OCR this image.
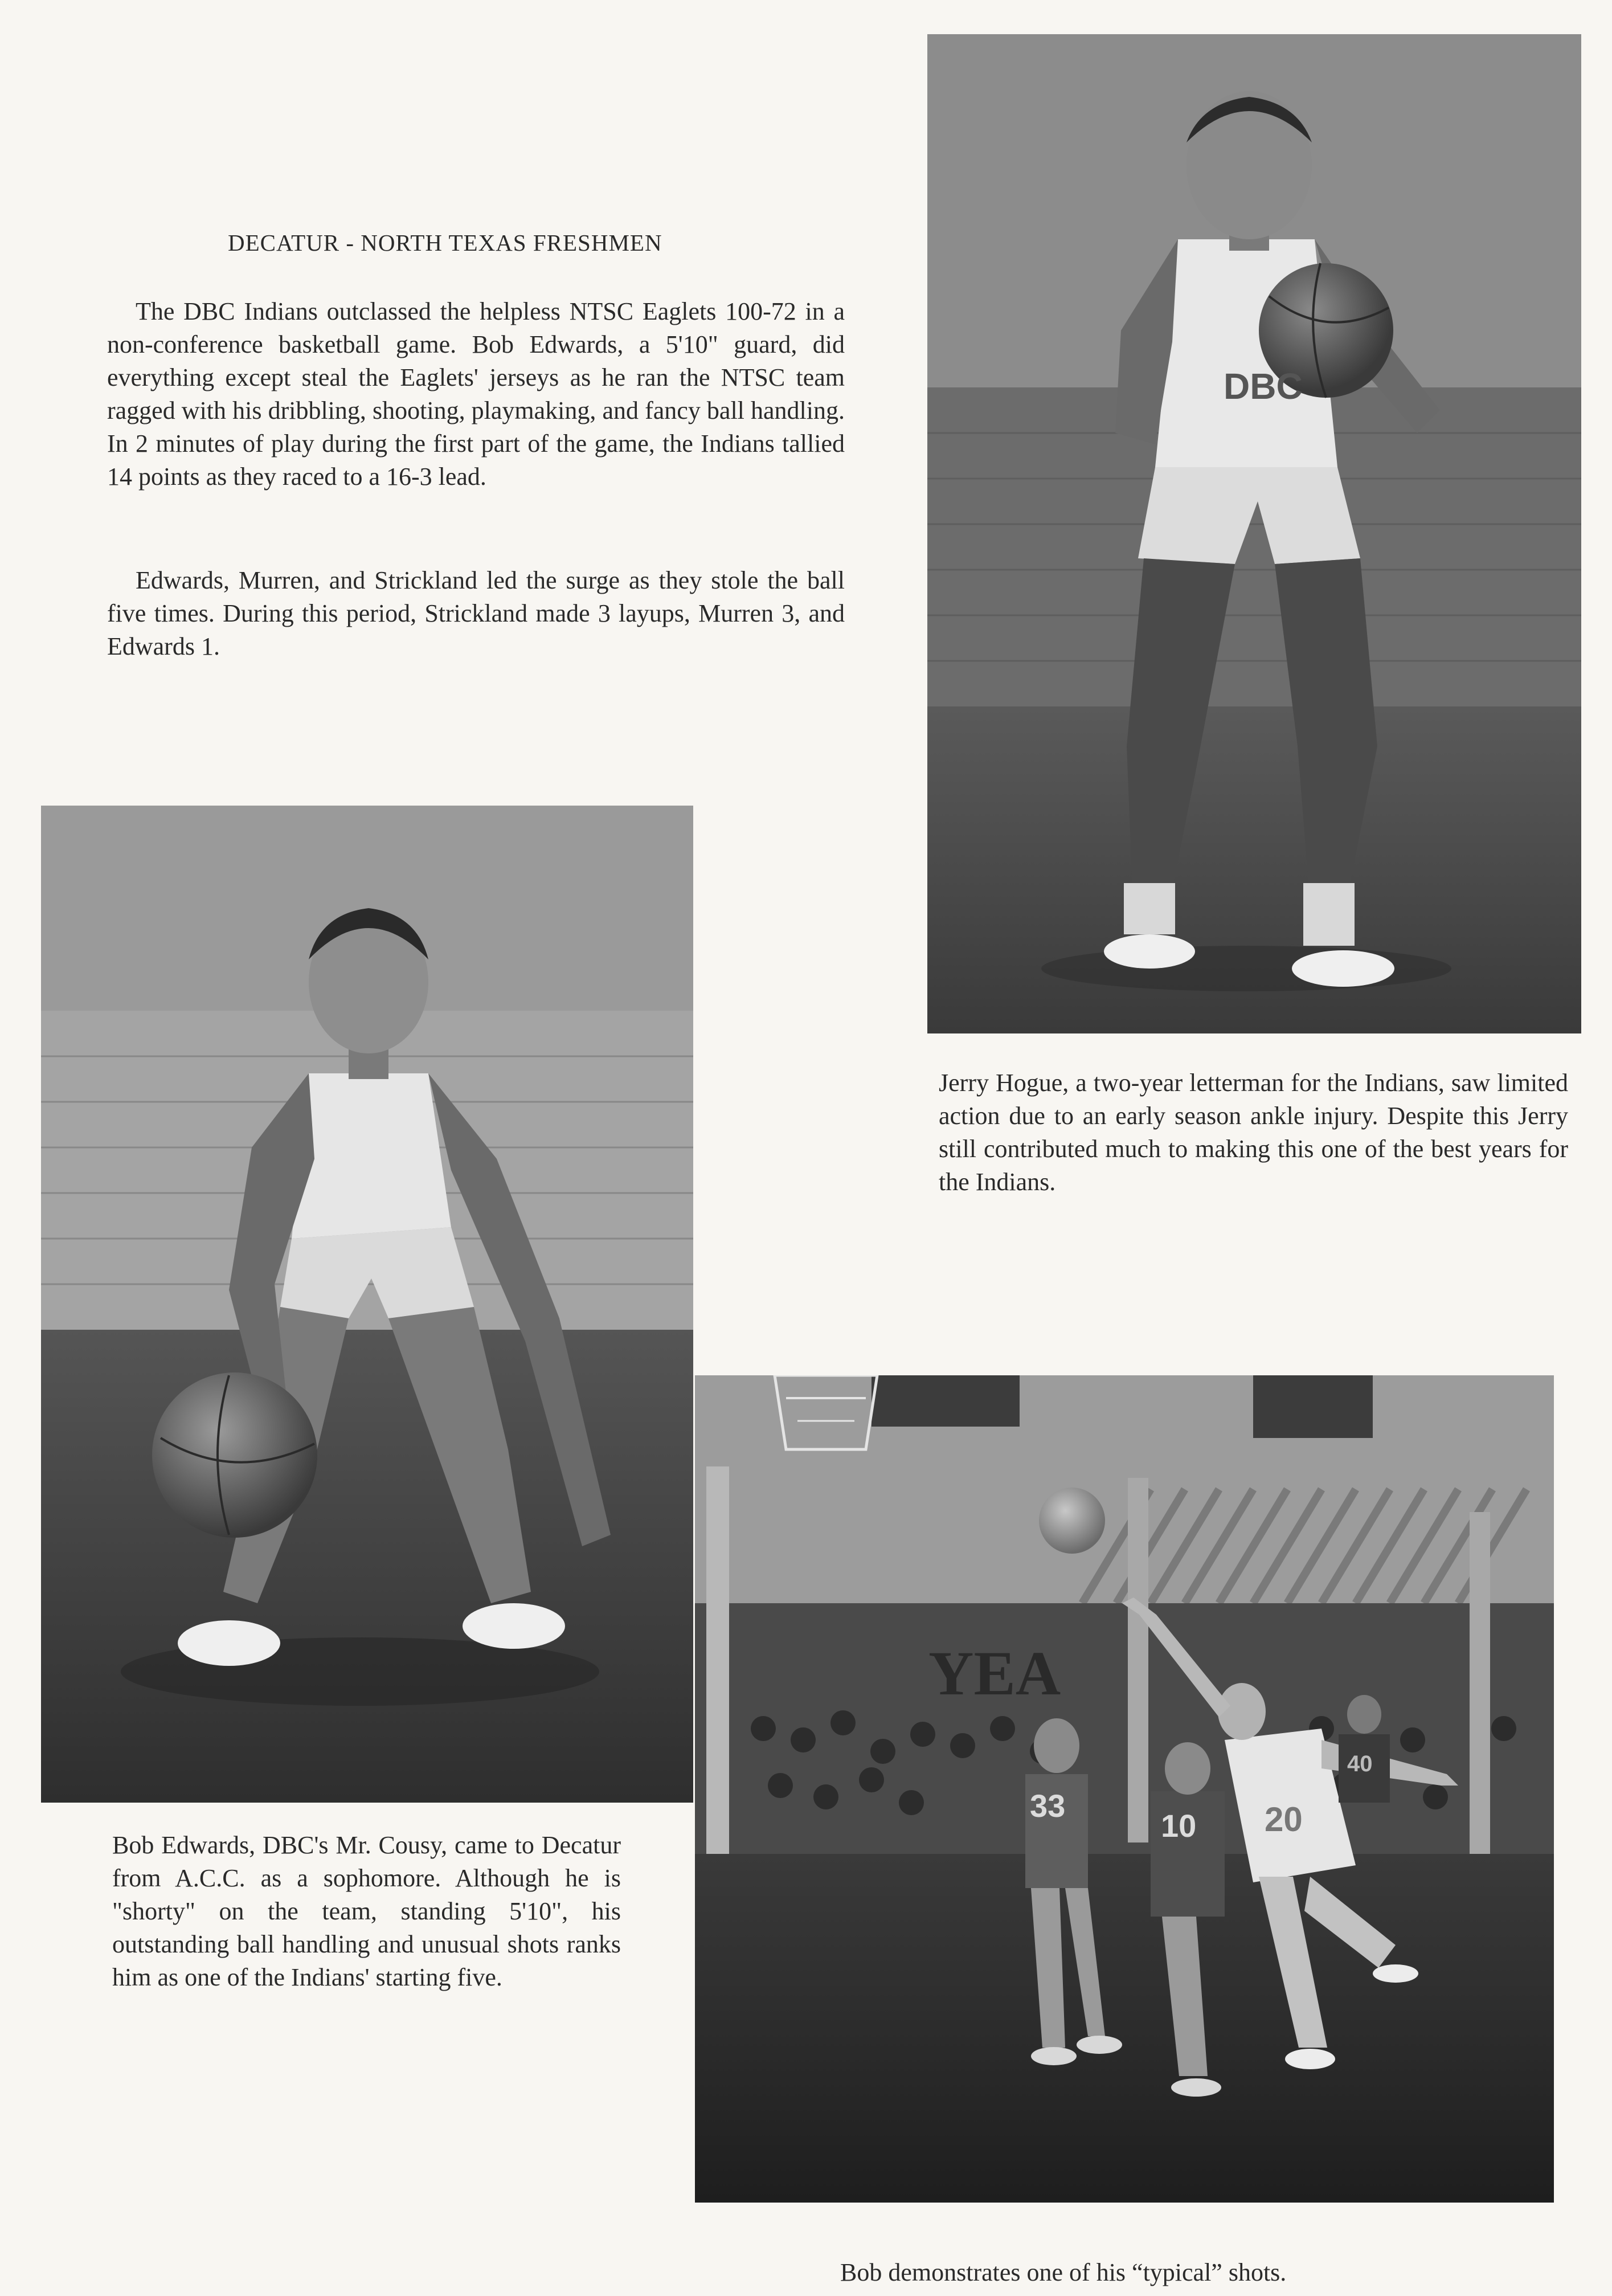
DECATUR - NORTH TEXAS FRESHMEN

The DBC Indians outclassed the helpless NTSC Eaglets 100-72 in a non-conference basketball game. Bob Edwards, a 5'10" guard, did everything except steal the Eaglets' jerseys as he ran the NTSC team ragged with his dribbling, shooting, playmaking, and fancy ball handling. In 2 minutes of play during the first part of the game, the Indians tallied 14 points as they raced to a 16-3 lead.

Edwards, Murren, and Strickland led the surge as they stole the ball five times. During this period, Strickland made 3 layups, Murren 3, and Edwards 1.

DBC

Jerry Hogue, a two-year letterman for the Indians, saw limited action due to an early season ankle injury. Despite this Jerry still contributed much to making this one of the best years for the Indians.

Bob Edwards, DBC's Mr. Cousy, came to Decatur from A.C.C. as a sophomore. Although he is "shorty" on the team, standing 5'10", his outstanding ball handling and unusual shots ranks him as one of the Indians' starting five.

YEA
33
10 20
40

Bob demonstrates one of his “typical” shots.
